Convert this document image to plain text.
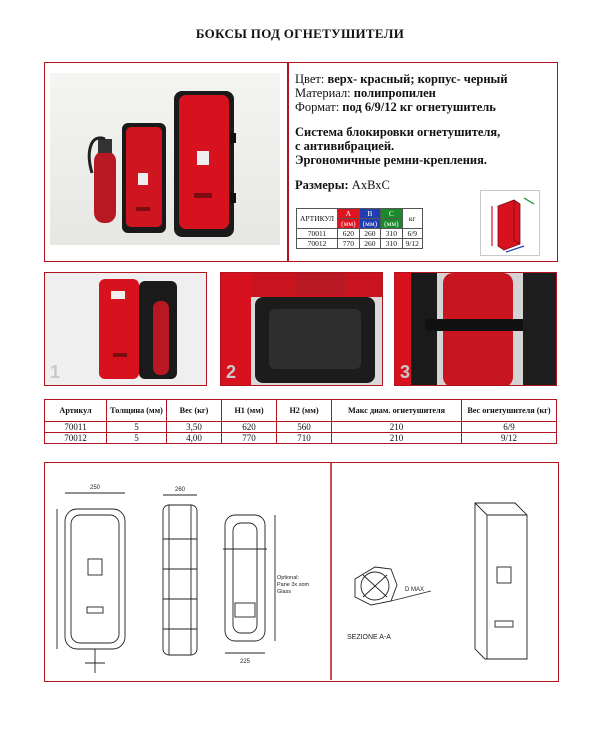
БОКСЫ ПОД ОГНЕТУШИТЕЛИ
Цвет: верх- красный; корпус- черный
Материал: полипропилен
Формат: под 6/9/12 кг огнетушитель
Система блокировки огнетушителя,
с антивибрацией.
Эргономичные ремни-крепления.
Размеры: АхВхС
АРТИКУЛ	A	B	C	кг
	(мм)	(мм)	(мм)	
70011	620	260	310	6/9
70012	770	260	310	9/12
1	2	3
Артикул	Толщина (мм)	Вес (кг)	H1 (мм)	H2 (мм)	Макс диам. огнетушителя	Вес огнетушителя (кг)
70011	5	3,50	620	560	210	6/9
70012	5	4,00	770	710	210	9/12
250	260
225
Optional:
Pane 3x som
Glass	D MAX
SEZIONE A-A
